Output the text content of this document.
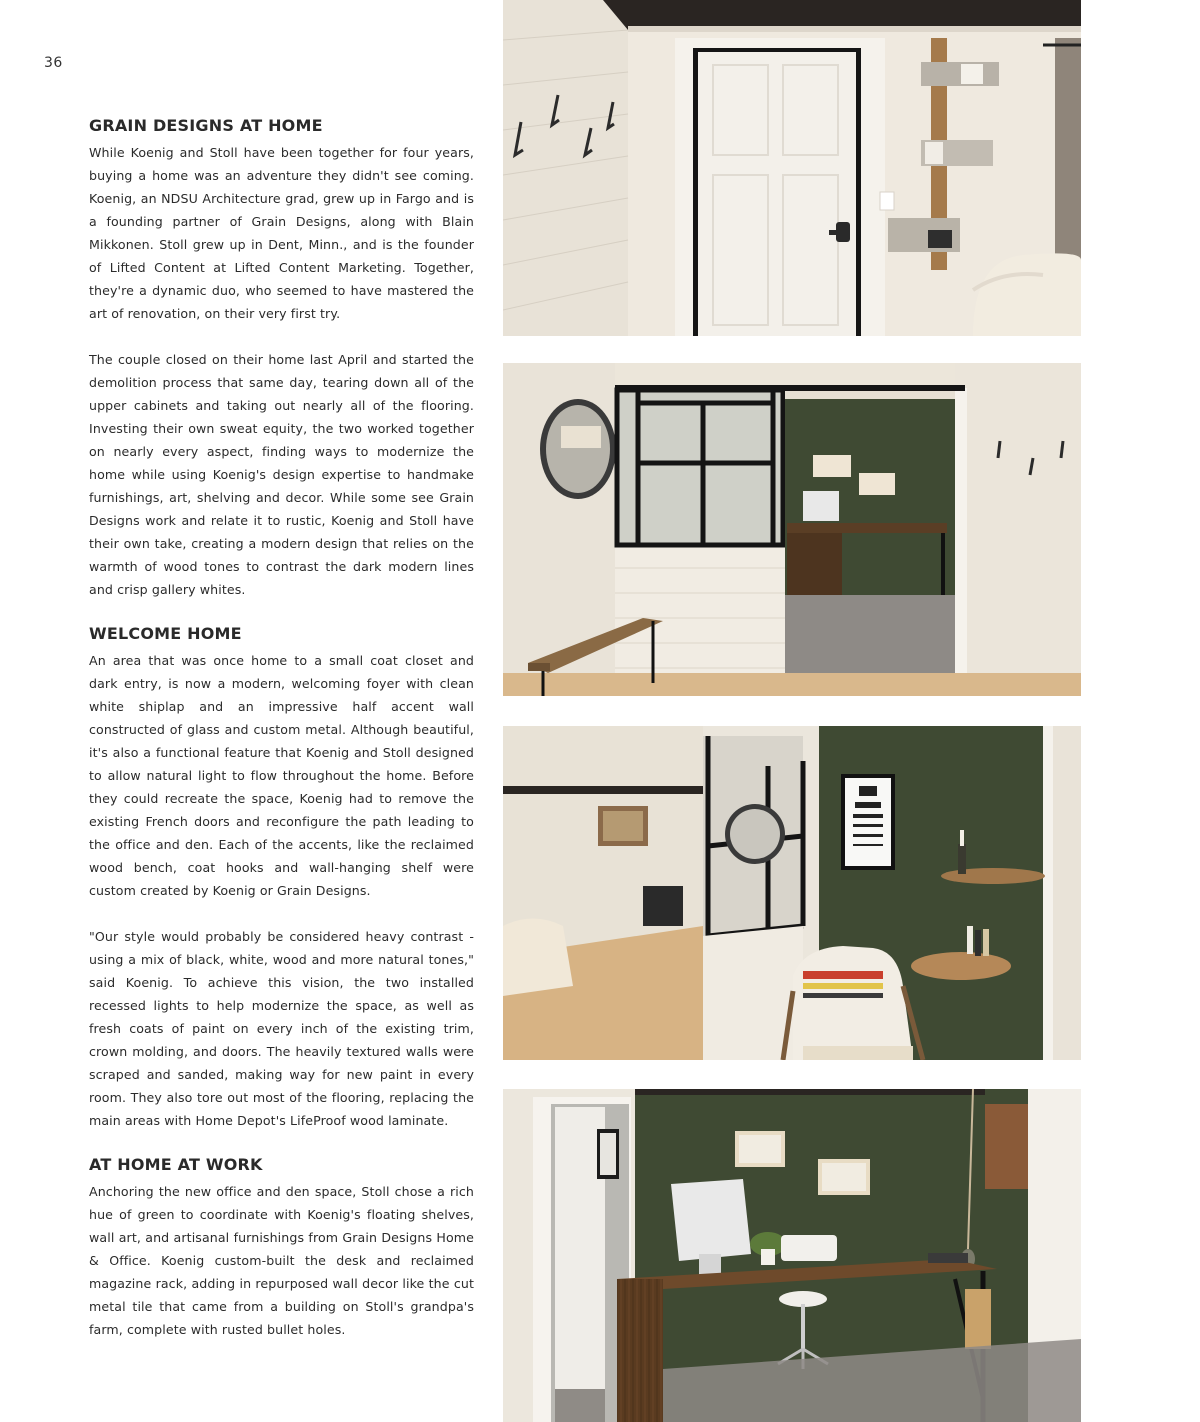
36
GRAIN DESIGNS AT HOME

While Koenig and Stoll have been together for four years, buying a home was an adventure they didn't see coming. Koenig, an NDSU Architecture grad, grew up in Fargo and is a founding partner of Grain Designs, along with Blain Mikkonen. Stoll grew up in Dent, Minn., and is the founder of Lifted Content at Lifted Content Marketing. Together, they're a dynamic duo, who seemed to have mastered the art of renovation, on their very first try.

The couple closed on their home last April and started the demolition process that same day, tearing down all of the upper cabinets and taking out nearly all of the flooring. Investing their own sweat equity, the two worked together on nearly every aspect, finding ways to modernize the home while using Koenig's design expertise to handmake furnishings, art, shelving and decor. While some see Grain Designs work and relate it to rustic, Koenig and Stoll have their own take, creating a modern design that relies on the warmth of wood tones to contrast the dark modern lines and crisp gallery whites.

WELCOME HOME

An area that was once home to a small coat closet and dark entry, is now a modern, welcoming foyer with clean white shiplap and an impressive half accent wall constructed of glass and custom metal. Although beautiful, it's also a functional feature that Koenig and Stoll designed to allow natural light to flow throughout the home. Before they could recreate the space, Koenig had to remove the existing French doors and reconfigure the path leading to the office and den. Each of the accents, like the reclaimed wood bench, coat hooks and wall-hanging shelf were custom created by Koenig or Grain Designs.

"Our style would probably be considered heavy contrast - using a mix of black, white, wood and more natural tones," said Koenig. To achieve this vision, the two installed recessed lights to help modernize the space, as well as fresh coats of paint on every inch of the existing trim, crown molding, and doors. The heavily textured walls were scraped and sanded, making way for new paint in every room. They also tore out most of the flooring, replacing the main areas with Home Depot's LifeProof wood laminate.

AT HOME AT WORK

Anchoring the new office and den space, Stoll chose a rich hue of green to coordinate with Koenig's floating shelves, wall art, and artisanal furnishings from Grain Designs Home & Office. Koenig custom-built the desk and reclaimed magazine rack, adding in repurposed wall decor like the cut metal tile that came from a building on Stoll's grandpa's farm, complete with rusted bullet holes.
